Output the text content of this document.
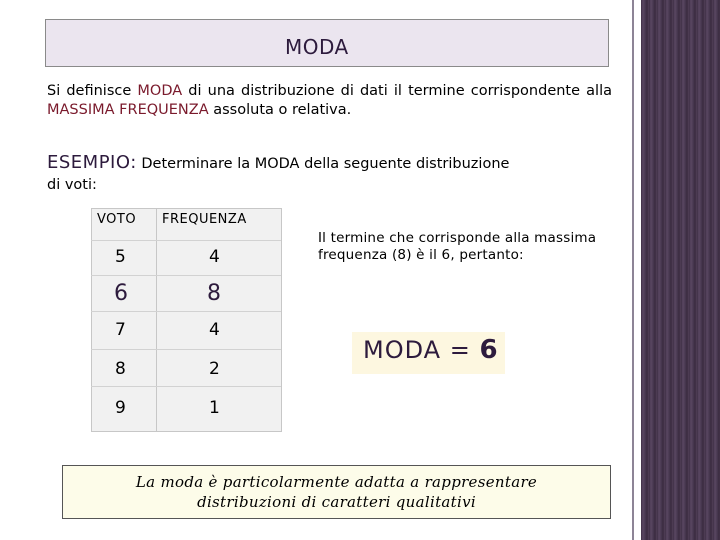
MODA
Si definisce MODA di una distribuzione di dati il termine corrispondente alla MASSIMA FREQUENZA assoluta o relativa.
ESEMPIO: Determinare la MODA della seguente distribuzione
di voti:
VOTO FREQUENZA
5	4
6	8
7	4
8	2
9	1
Il termine che corrisponde alla massima frequenza (8) è il 6, pertanto:
MODA = 6
La moda è particolarmente adatta a rappresentare
distribuzioni di caratteri qualitativi
